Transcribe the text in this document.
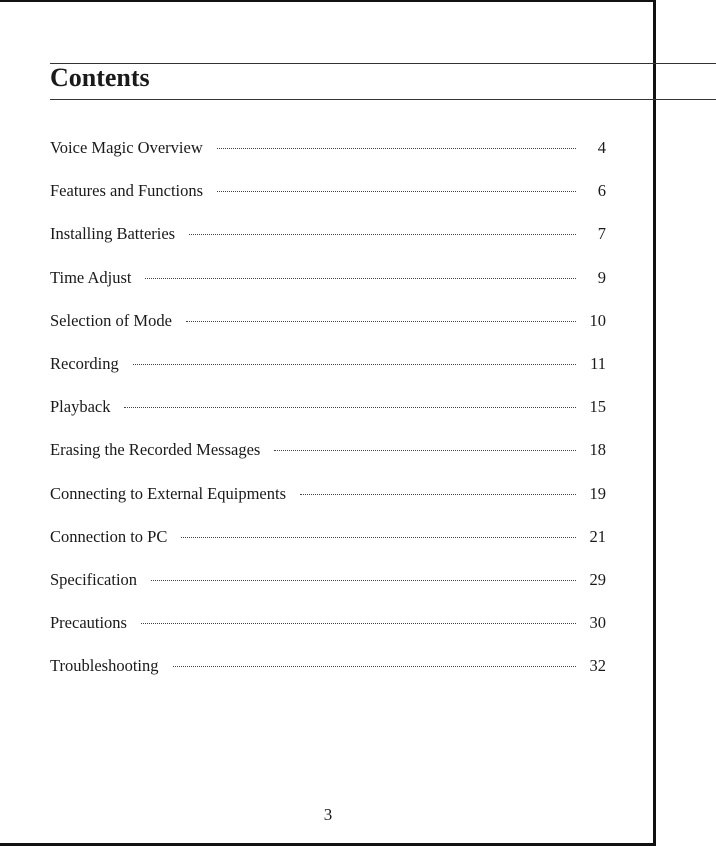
Contents
Voice Magic Overview	4
Features and Functions	6
Installing Batteries	7
Time Adjust	9
Selection of Mode	10
Recording	11
Playback	15
Erasing the Recorded Messages	18
Connecting to External Equipments	19
Connection to PC	21
Specification	29
Precautions	30
Troubleshooting	32
3
